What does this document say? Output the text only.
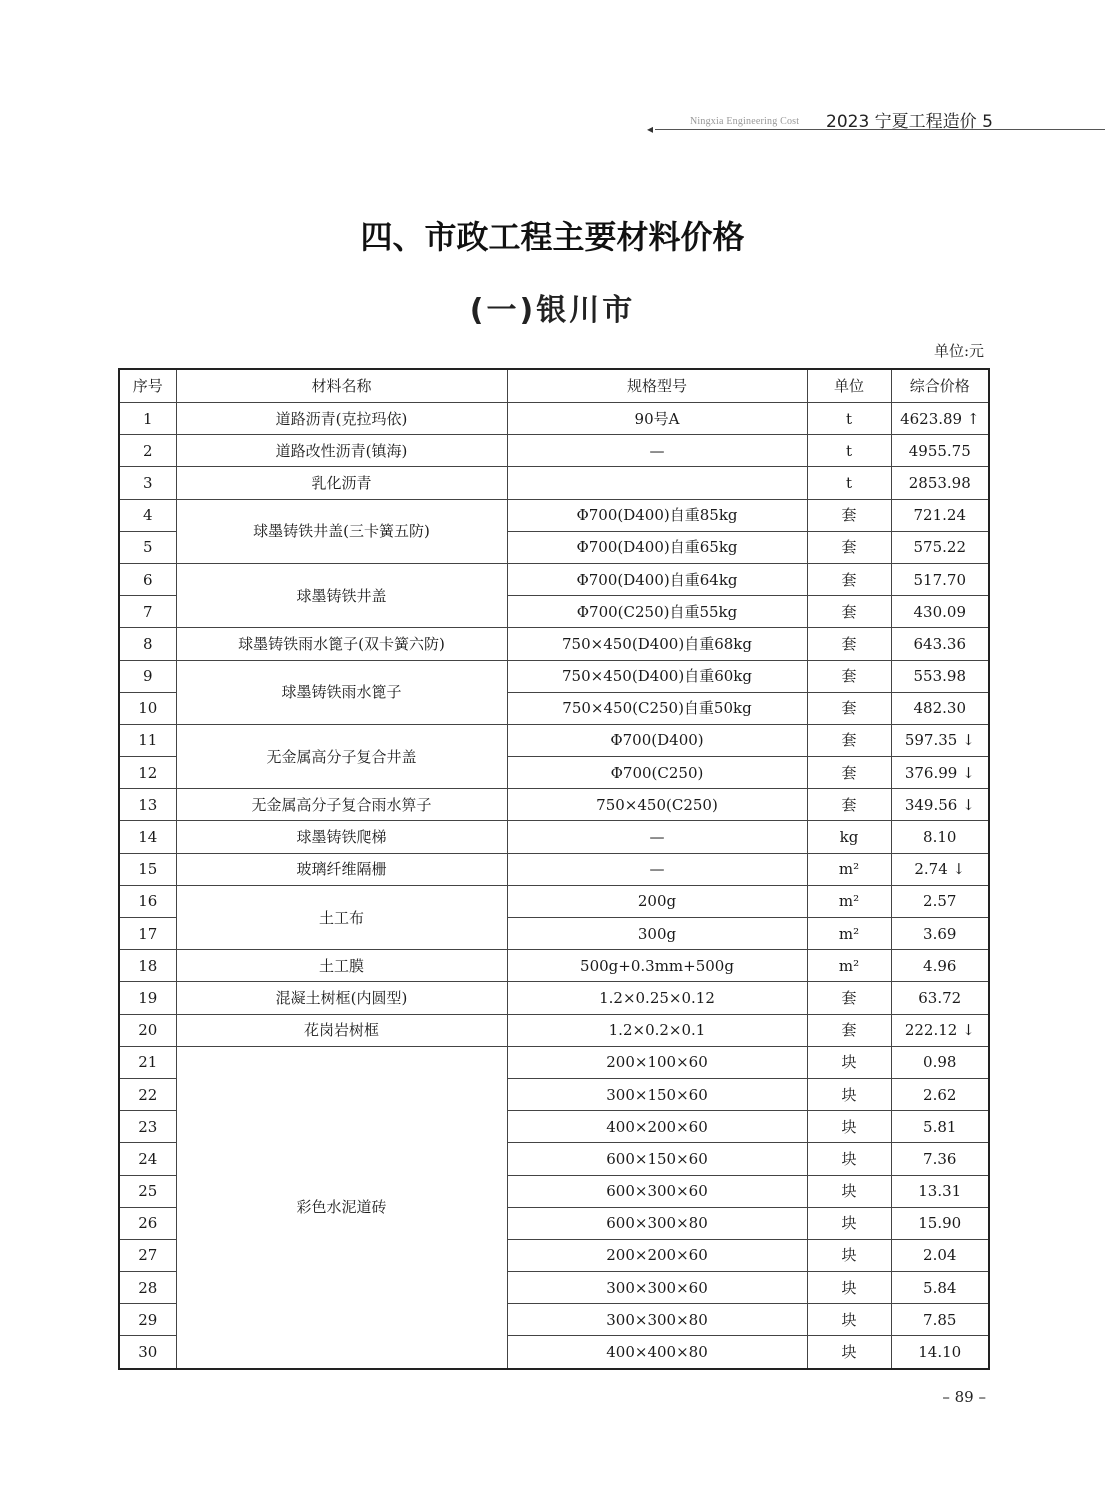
◂
Ningxia Engineering Cost 2023 宁夏工程造价 5
四、市政工程主要材料价格
(一)银川市
单位:元
序号	材料名称	规格型号	单位	综合价格
1	道路沥青(克拉玛依)	90号A	t	4623.89 ↑
2	道路改性沥青(镇海)	—	t	4955.75
3	乳化沥青		t	2853.98
4	球墨铸铁井盖(三卡簧五防)	Φ700(D400)自重85kg	套	721.24
5		Φ700(D400)自重65kg	套	575.22
6	球墨铸铁井盖	Φ700(D400)自重64kg	套	517.70
7		Φ700(C250)自重55kg	套	430.09
8	球墨铸铁雨水篦子(双卡簧六防)	750×450(D400)自重68kg	套	643.36
9	球墨铸铁雨水篦子	750×450(D400)自重60kg	套	553.98
10		750×450(C250)自重50kg	套	482.30
11	无金属高分子复合井盖	Φ700(D400)	套	597.35 ↓
12		Φ700(C250)	套	376.99 ↓
13	无金属高分子复合雨水箅子	750×450(C250)	套	349.56 ↓
14	球墨铸铁爬梯	—	kg	8.10
15	玻璃纤维隔栅	—	m²	2.74 ↓
16	土工布	200g	m²	2.57
17		300g	m²	3.69
18	土工膜	500g+0.3mm+500g	m²	4.96
19	混凝土树框(内圆型)	1.2×0.25×0.12	套	63.72
20	花岗岩树框	1.2×0.2×0.1	套	222.12 ↓
21	彩色水泥道砖	200×100×60	块	0.98
22		300×150×60	块	2.62
23		400×200×60	块	5.81
24		600×150×60	块	7.36
25		600×300×60	块	13.31
26		600×300×80	块	15.90
27		200×200×60	块	2.04
28		300×300×60	块	5.84
29		300×300×80	块	7.85
30		400×400×80	块	14.10
– 89 –
